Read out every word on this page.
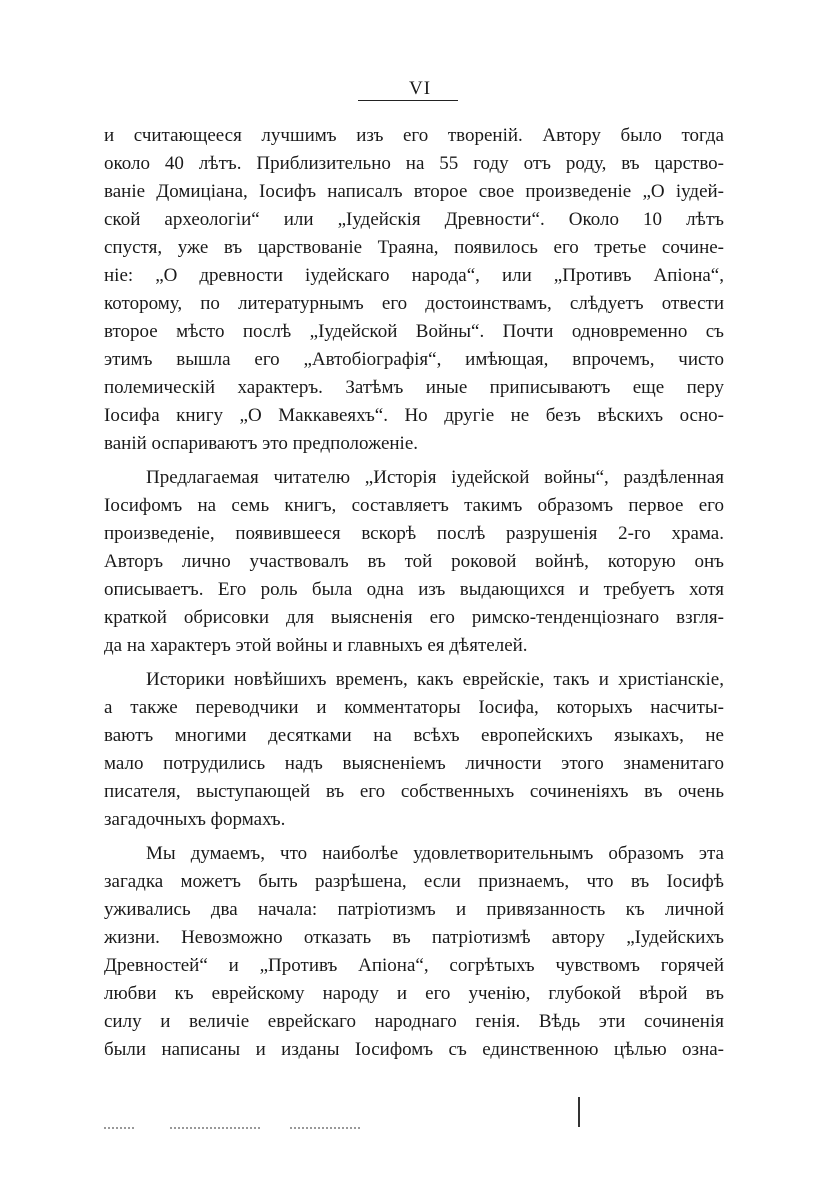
VI
и считающееся лучшимъ изъ его твореній. Автору было тогда
около 40 лѣтъ. Приблизительно на 55 году отъ роду, въ царство-
ваніе Домиціана, Іосифъ написалъ второе свое произведеніе „О іудей-
ской археологіи“ или „Іудейскія Древности“. Около 10 лѣтъ
спустя, уже въ царствованіе Траяна, появилось его третье сочине-
ніе: „О древности іудейскаго народа“, или „Противъ Апіона“,
которому, по литературнымъ его достоинствамъ, слѣдуетъ отвести
второе мѣсто послѣ „Іудейской Войны“. Почти одновременно съ
этимъ вышла его „Автобіографія“, имѣющая, впрочемъ, чисто
полемическій характеръ. Затѣмъ иные приписываютъ еще перу
Іосифа книгу „О Маккавеяхъ“. Но другіе не безъ вѣскихъ осно-
ваній оспариваютъ это предположеніе.
Предлагаемая читателю „Исторія іудейской войны“, раздѣленная
Іосифомъ на семь книгъ, составляетъ такимъ образомъ первое его
произведеніе, появившееся вскорѣ послѣ разрушенія 2-го храма.
Авторъ лично участвовалъ въ той роковой войнѣ, которую онъ
описываетъ. Его роль была одна изъ выдающихся и требуетъ хотя
краткой обрисовки для выясненія его римско-тенденціознаго взгля-
да на характеръ этой войны и главныхъ ея дѣятелей.
Историки новѣйшихъ временъ, какъ еврейскіе, такъ и христіанскіе,
а также переводчики и комментаторы Іосифа, которыхъ насчиты-
ваютъ многими десятками на всѣхъ европейскихъ языкахъ, не
мало потрудились надъ выясненіемъ личности этого знаменитаго
писателя, выступающей въ его собственныхъ сочиненіяхъ въ очень
загадочныхъ формахъ.
Мы думаемъ, что наиболѣе удовлетворительнымъ образомъ эта
загадка можетъ быть разрѣшена, если признаемъ, что въ Іосифѣ
уживались два начала: патріотизмъ и привязанность къ личной
жизни. Невозможно отказать въ патріотизмѣ автору „Іудейскихъ
Древностей“ и „Противъ Апіона“, согрѣтыхъ чувствомъ горячей
любви къ еврейскому народу и его ученію, глубокой вѣрой въ
силу и величіе еврейскаго народнаго генія. Вѣдь эти сочиненія
были написаны и изданы Іосифомъ съ единственною цѣлью озна-
